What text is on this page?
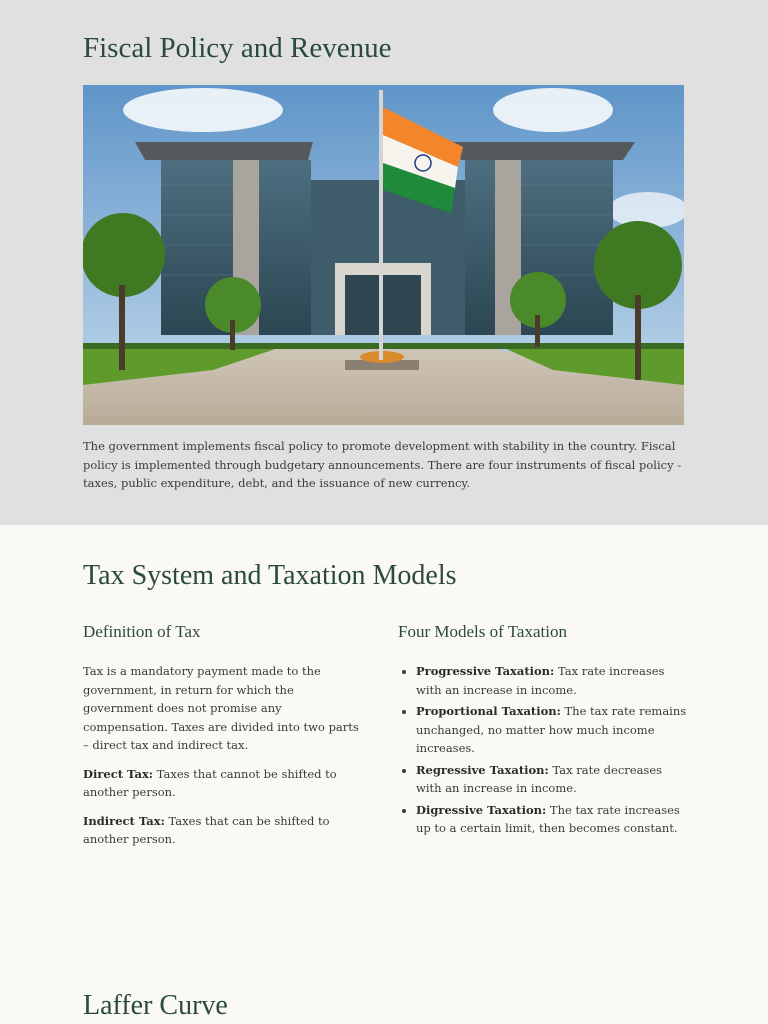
Fiscal Policy and Revenue

The government implements fiscal policy to promote development with stability in the country. Fiscal policy is implemented through budgetary announcements. There are four instruments of fiscal policy - taxes, public expenditure, debt, and the issuance of new currency.

Tax System and Taxation Models
Definition of Tax

Tax is a mandatory payment made to the government, in return for which the government does not promise any compensation. Taxes are divided into two parts – direct tax and indirect tax.

Direct Tax: Taxes that cannot be shifted to another person.

Indirect Tax: Taxes that can be shifted to another person.

Four Models of Taxation
• Progressive Taxation: Tax rate increases with an increase in income.
• Proportional Taxation: The tax rate remains unchanged, no matter how much income increases.
• Regressive Taxation: Tax rate decreases with an increase in income.
• Digressive Taxation: The tax rate increases up to a certain limit, then becomes constant.
Laffer Curve
